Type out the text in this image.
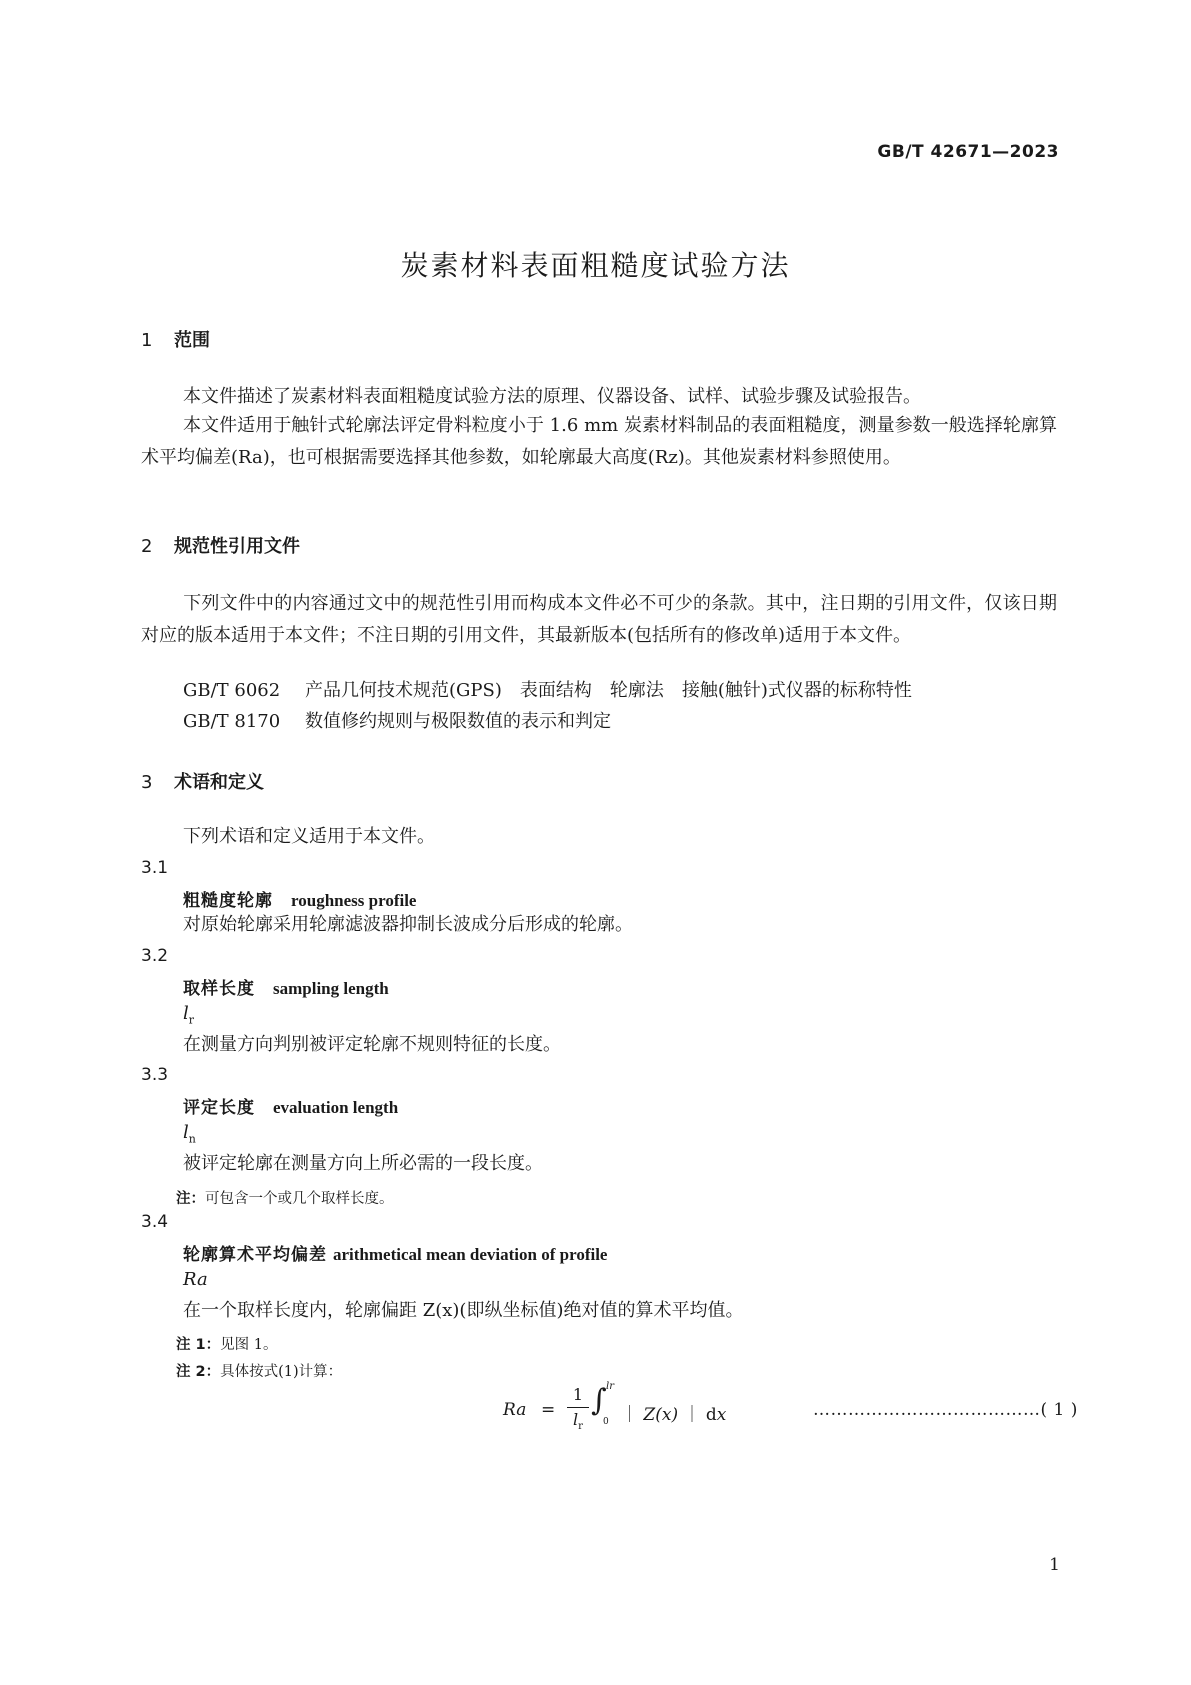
GB/T 42671—2023
炭素材料表面粗糙度试验方法
1 范围
本文件描述了炭素材料表面粗糙度试验方法的原理、仪器设备、试样、试验步骤及试验报告。
本文件适用于触针式轮廓法评定骨料粒度小于 1.6 mm 炭素材料制品的表面粗糙度，测量参数一般选择轮廓算术平均偏差(Ra)，也可根据需要选择其他参数，如轮廓最大高度(Rz)。其他炭素材料参照使用。
2 规范性引用文件
下列文件中的内容通过文中的规范性引用而构成本文件必不可少的条款。其中，注日期的引用文件，仅该日期对应的版本适用于本文件；不注日期的引用文件，其最新版本(包括所有的修改单)适用于本文件。
GB/T 6062 产品几何技术规范(GPS)　表面结构　轮廓法　接触(触针)式仪器的标称特性
GB/T 8170 数值修约规则与极限数值的表示和判定
3 术语和定义
下列术语和定义适用于本文件。
3.1
粗糙度轮廓 roughness profile
对原始轮廓采用轮廓滤波器抑制长波成分后形成的轮廓。
3.2
取样长度 sampling length
$l_r$
在测量方向判别被评定轮廓不规则特征的长度。
3.3
评定长度 evaluation length
$l_n$
被评定轮廓在测量方向上所必需的一段长度。
注：可包含一个或几个取样长度。
3.4
轮廓算术平均偏差 arithmetical mean deviation of profile
Ra
在一个取样长度内，轮廓偏距 Z(x)(即纵坐标值)绝对值的算术平均值。
注 1：见图 1。
注 2：具体按式(1)计算：
Ra =
1
$l_r$
∫ lr
0 ｜ Z(x) ｜ dx	…………………………………( 1 )
1
